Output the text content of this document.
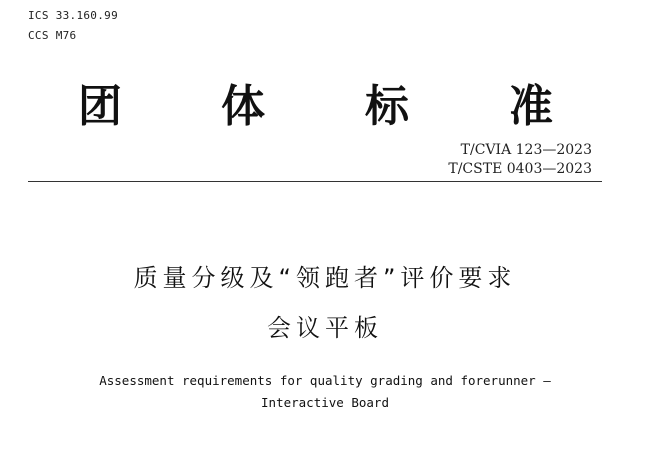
ICS 33.160.99
CCS M76
团 体 标 准
T/CVIA 123—2023
T/CSTE 0403—2023
质量分级及“领跑者”评价要求
会议平板
Assessment requirements for quality grading and forerunner —
Interactive Board
